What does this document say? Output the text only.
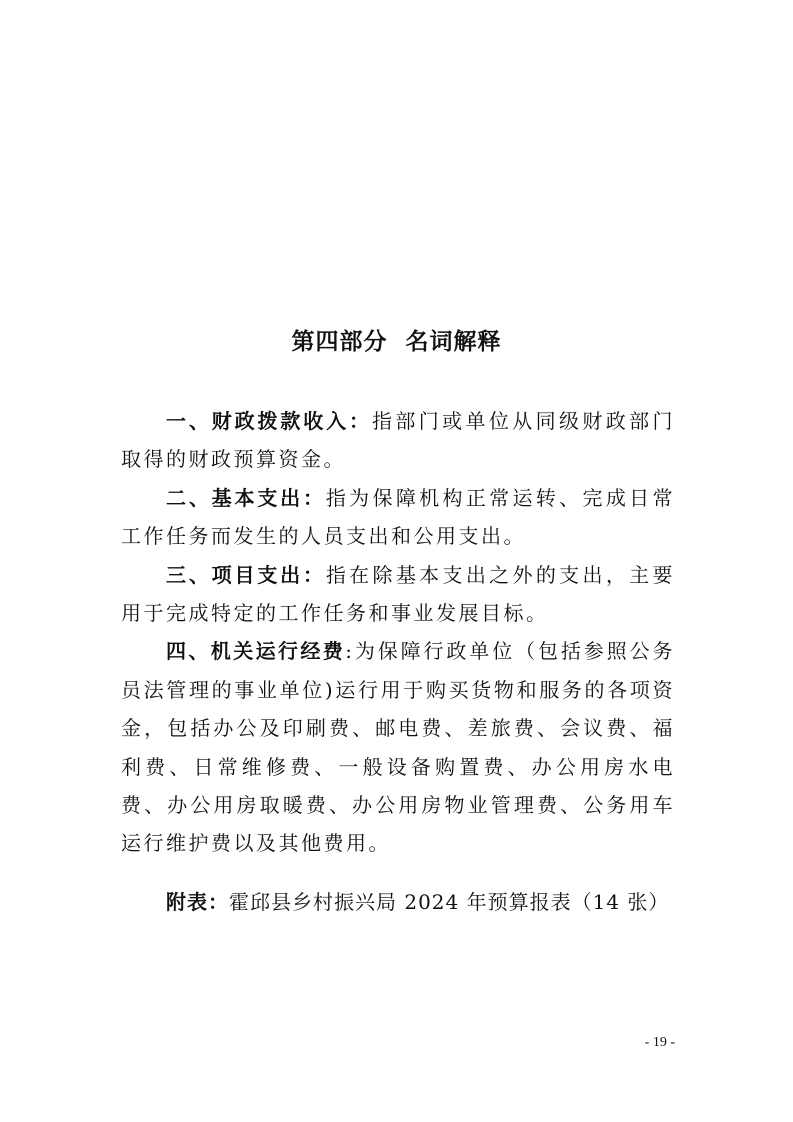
第四部分  名词解释

一、财政拨款收入：指部门或单位从同级财政部门取得的财政预算资金。

二、基本支出：指为保障机构正常运转、完成日常工作任务而发生的人员支出和公用支出。

三、项目支出：指在除基本支出之外的支出，主要用于完成特定的工作任务和事业发展目标。

四、机关运行经费:为保障行政单位（包括参照公务员法管理的事业单位)运行用于购买货物和服务的各项资金，包括办公及印刷费、邮电费、差旅费、会议费、福利费、日常维修费、一般设备购置费、办公用房水电费、办公用房取暖费、办公用房物业管理费、公务用车运行维护费以及其他费用。

附表：霍邱县乡村振兴局 2024 年预算报表（14 张）
- 19 -
